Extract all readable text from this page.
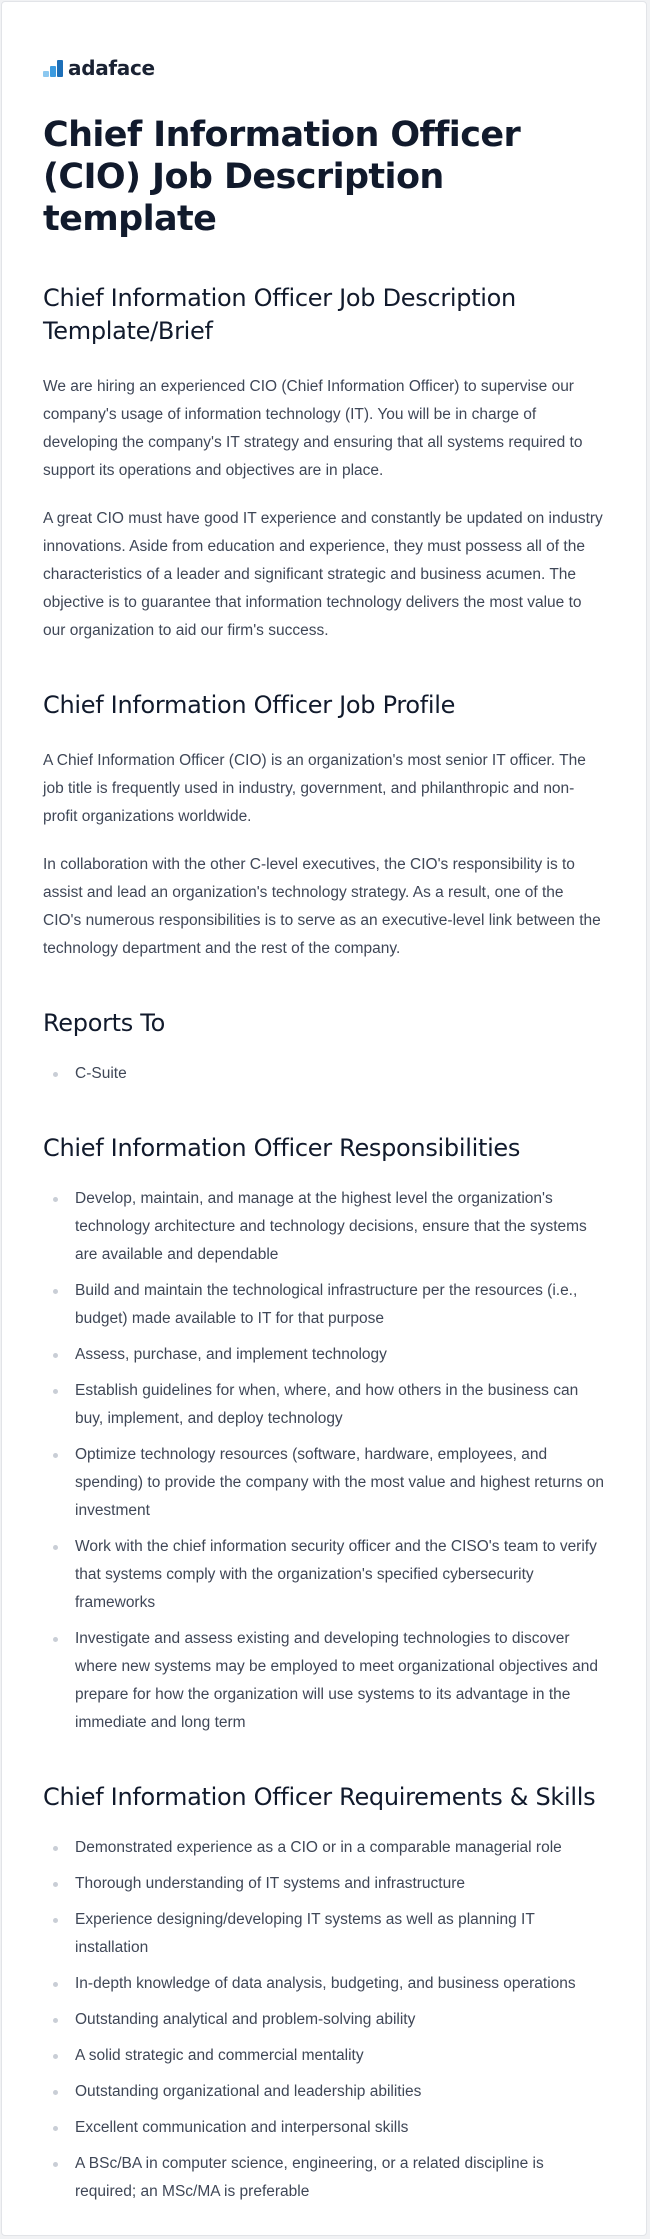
adaface
Chief Information Officer (CIO) Job Description template
Chief Information Officer Job Description Template/Brief

We are hiring an experienced CIO (Chief Information Officer) to supervise our company's usage of information technology (IT). You will be in charge of developing the company's IT strategy and ensuring that all systems required to support its operations and objectives are in place.

A great CIO must have good IT experience and constantly be updated on industry innovations. Aside from education and experience, they must possess all of the characteristics of a leader and significant strategic and business acumen. The objective is to guarantee that information technology delivers the most value to our organization to aid our firm's success.

Chief Information Officer Job Profile

A Chief Information Officer (CIO) is an organization's most senior IT officer. The job title is frequently used in industry, government, and philanthropic and non-profit organizations worldwide.

In collaboration with the other C-level executives, the CIO's responsibility is to assist and lead an organization's technology strategy. As a result, one of the CIO's numerous responsibilities is to serve as an executive-level link between the technology department and the rest of the company.

Reports To
C-Suite
Chief Information Officer Responsibilities
Develop, maintain, and manage at the highest level the organization's technology architecture and technology decisions, ensure that the systems are available and dependable
Build and maintain the technological infrastructure per the resources (i.e., budget) made available to IT for that purpose
Assess, purchase, and implement technology
Establish guidelines for when, where, and how others in the business can buy, implement, and deploy technology
Optimize technology resources (software, hardware, employees, and spending) to provide the company with the most value and highest returns on investment
Work with the chief information security officer and the CISO's team to verify that systems comply with the organization's specified cybersecurity frameworks
Investigate and assess existing and developing technologies to discover where new systems may be employed to meet organizational objectives and prepare for how the organization will use systems to its advantage in the immediate and long term
Chief Information Officer Requirements & Skills
Demonstrated experience as a CIO or in a comparable managerial role
Thorough understanding of IT systems and infrastructure
Experience designing/developing IT systems as well as planning IT installation
In-depth knowledge of data analysis, budgeting, and business operations
Outstanding analytical and problem-solving ability
A solid strategic and commercial mentality
Outstanding organizational and leadership abilities
Excellent communication and interpersonal skills
A BSc/BA in computer science, engineering, or a related discipline is required; an MSc/MA is preferable
